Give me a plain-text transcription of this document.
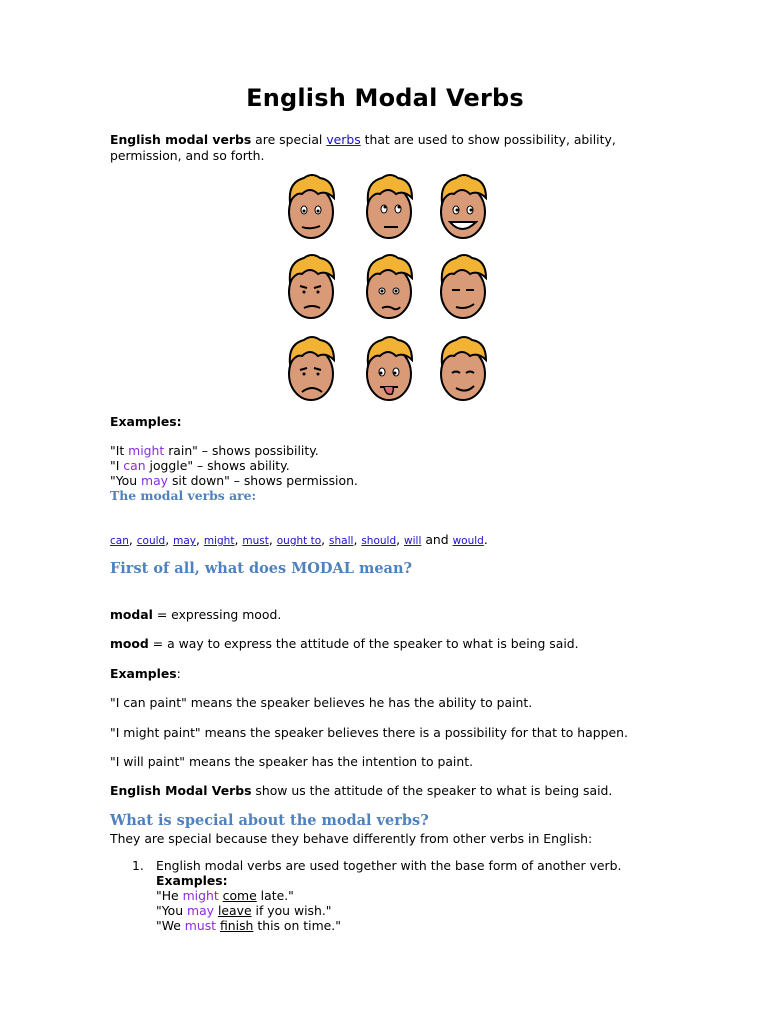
English Modal Verbs

English modal verbs are special verbs that are used to show possibility, ability,

permission, and so forth.

Examples:

"It might rain" – shows possibility.
"I can joggle" – shows ability.
"You may sit down" – shows permission.

The modal verbs are:

can, could, may, might, must, ought to, shall, should, will and would.

First of all, what does MODAL mean?

modal = expressing mood.

mood = a way to express the attitude of the speaker to what is being said.

Examples:

"I can paint" means the speaker believes he has the ability to paint.

"I might paint" means the speaker believes there is a possibility for that to happen.

"I will paint" means the speaker has the intention to paint.

English Modal Verbs show us the attitude of the speaker to what is being said.

What is special about the modal verbs?

They are special because they behave differently from other verbs in English:

1. English modal verbs are used together with the base form of another verb.
Examples:
"He might come late."
"You may leave if you wish."
"We must finish this on time."
